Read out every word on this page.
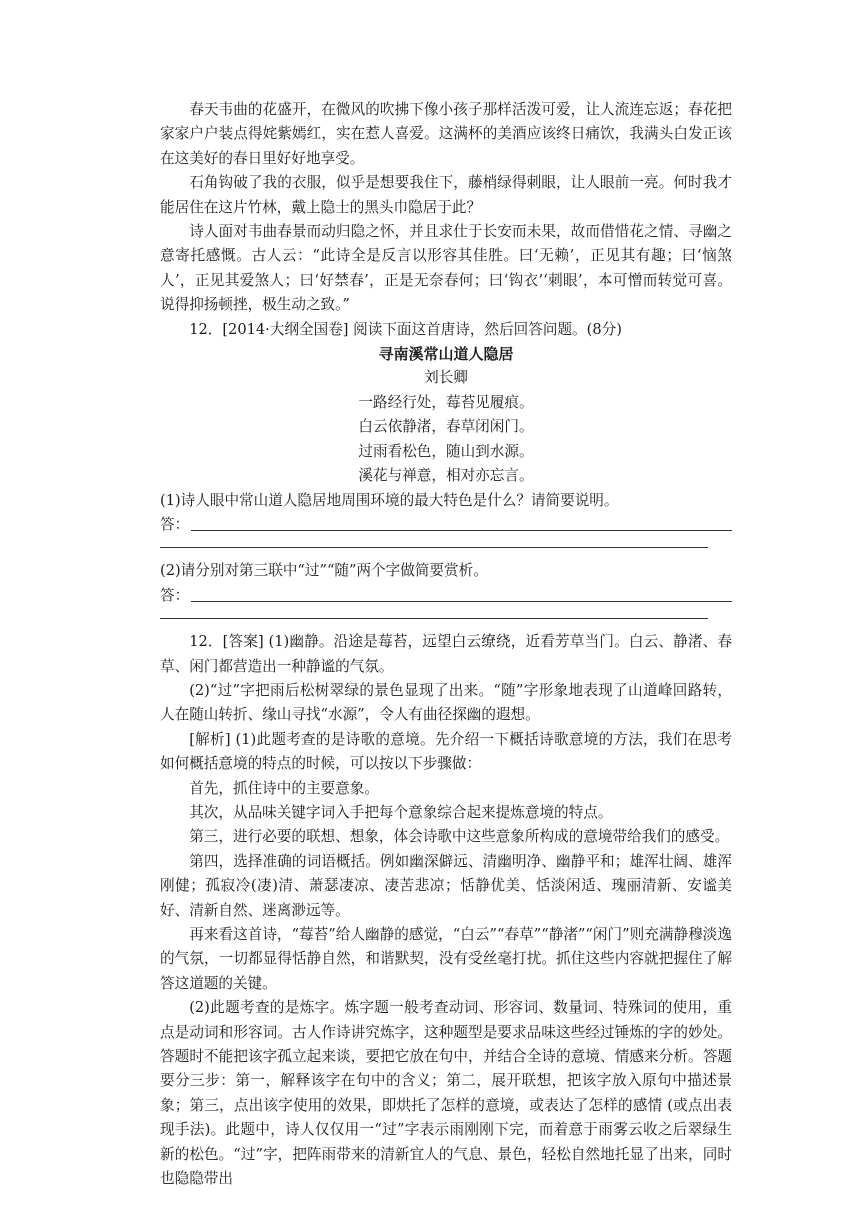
春天韦曲的花盛开，在微风的吹拂下像小孩子那样活泼可爱，让人流连忘返；春花把家家户户装点得姹紫嫣红，实在惹人喜爱。这满杯的美酒应该终日痛饮，我满头白发正该在这美好的春日里好好地享受。

石角钩破了我的衣服，似乎是想要我住下，藤梢绿得刺眼，让人眼前一亮。何时我才能居住在这片竹林，戴上隐士的黑头巾隐居于此？

诗人面对韦曲春景而动归隐之怀，并且求仕于长安而未果，故而借惜花之情、寻幽之意寄托感慨。古人云：“此诗全是反言以形容其佳胜。曰‘无赖’，正见其有趣；曰‘恼煞人’，正见其爱煞人；曰‘好禁春’，正是无奈春何；曰‘钩衣’‘刺眼’，本可憎而转觉可喜。说得抑扬顿挫，极生动之致。”

12．[2014·大纲全国卷] 阅读下面这首唐诗，然后回答问题。(8分)

寻南溪常山道人隐居

刘长卿

一路经行处，莓苔见履痕。

白云依静渚，春草闭闲门。

过雨看松色，随山到水源。

溪花与禅意，相对亦忘言。

(1)诗人眼中常山道人隐居地周围环境的最大特色是什么？请简要说明。

答：

(2)请分别对第三联中“过”“随”两个字做简要赏析。

答：

12．[答案] (1)幽静。沿途是莓苔，远望白云缭绕，近看芳草当门。白云、静渚、春草、闲门都营造出一种静谧的气氛。

(2)“过”字把雨后松树翠绿的景色显现了出来。“随”字形象地表现了山道峰回路转，人在随山转折、缘山寻找“水源”，令人有曲径探幽的遐想。

[解析] (1)此题考查的是诗歌的意境。先介绍一下概括诗歌意境的方法，我们在思考如何概括意境的特点的时候，可以按以下步骤做：

首先，抓住诗中的主要意象。

其次，从品味关键字词入手把每个意象综合起来提炼意境的特点。

第三，进行必要的联想、想象，体会诗歌中这些意象所构成的意境带给我们的感受。

第四，选择准确的词语概括。例如幽深僻远、清幽明净、幽静平和；雄浑壮阔、雄浑刚健；孤寂冷(凄)清、萧瑟凄凉、凄苦悲凉；恬静优美、恬淡闲适、瑰丽清新、安谧美好、清新自然、迷离渺远等。

再来看这首诗，“莓苔”给人幽静的感觉，“白云”“春草”“静渚”“闲门”则充满静穆淡逸的气氛，一切都显得恬静自然，和谐默契，没有受丝毫打扰。抓住这些内容就把握住了解答这道题的关键。

(2)此题考查的是炼字。炼字题一般考查动词、形容词、数量词、特殊词的使用，重点是动词和形容词。古人作诗讲究炼字，这种题型是要求品味这些经过锤炼的字的妙处。答题时不能把该字孤立起来谈，要把它放在句中，并结合全诗的意境、情感来分析。答题要分三步：第一，解释该字在句中的含义；第二，展开联想，把该字放入原句中描述景象；第三，点出该字使用的效果，即烘托了怎样的意境，或表达了怎样的感情 (或点出表现手法)。此题中，诗人仅仅用一“过”字表示雨刚刚下完，而着意于雨雾云收之后翠绿生新的松色。“过”字，把阵雨带来的清新宜人的气息、景色，轻松自然地托显了出来，同时也隐隐带出
